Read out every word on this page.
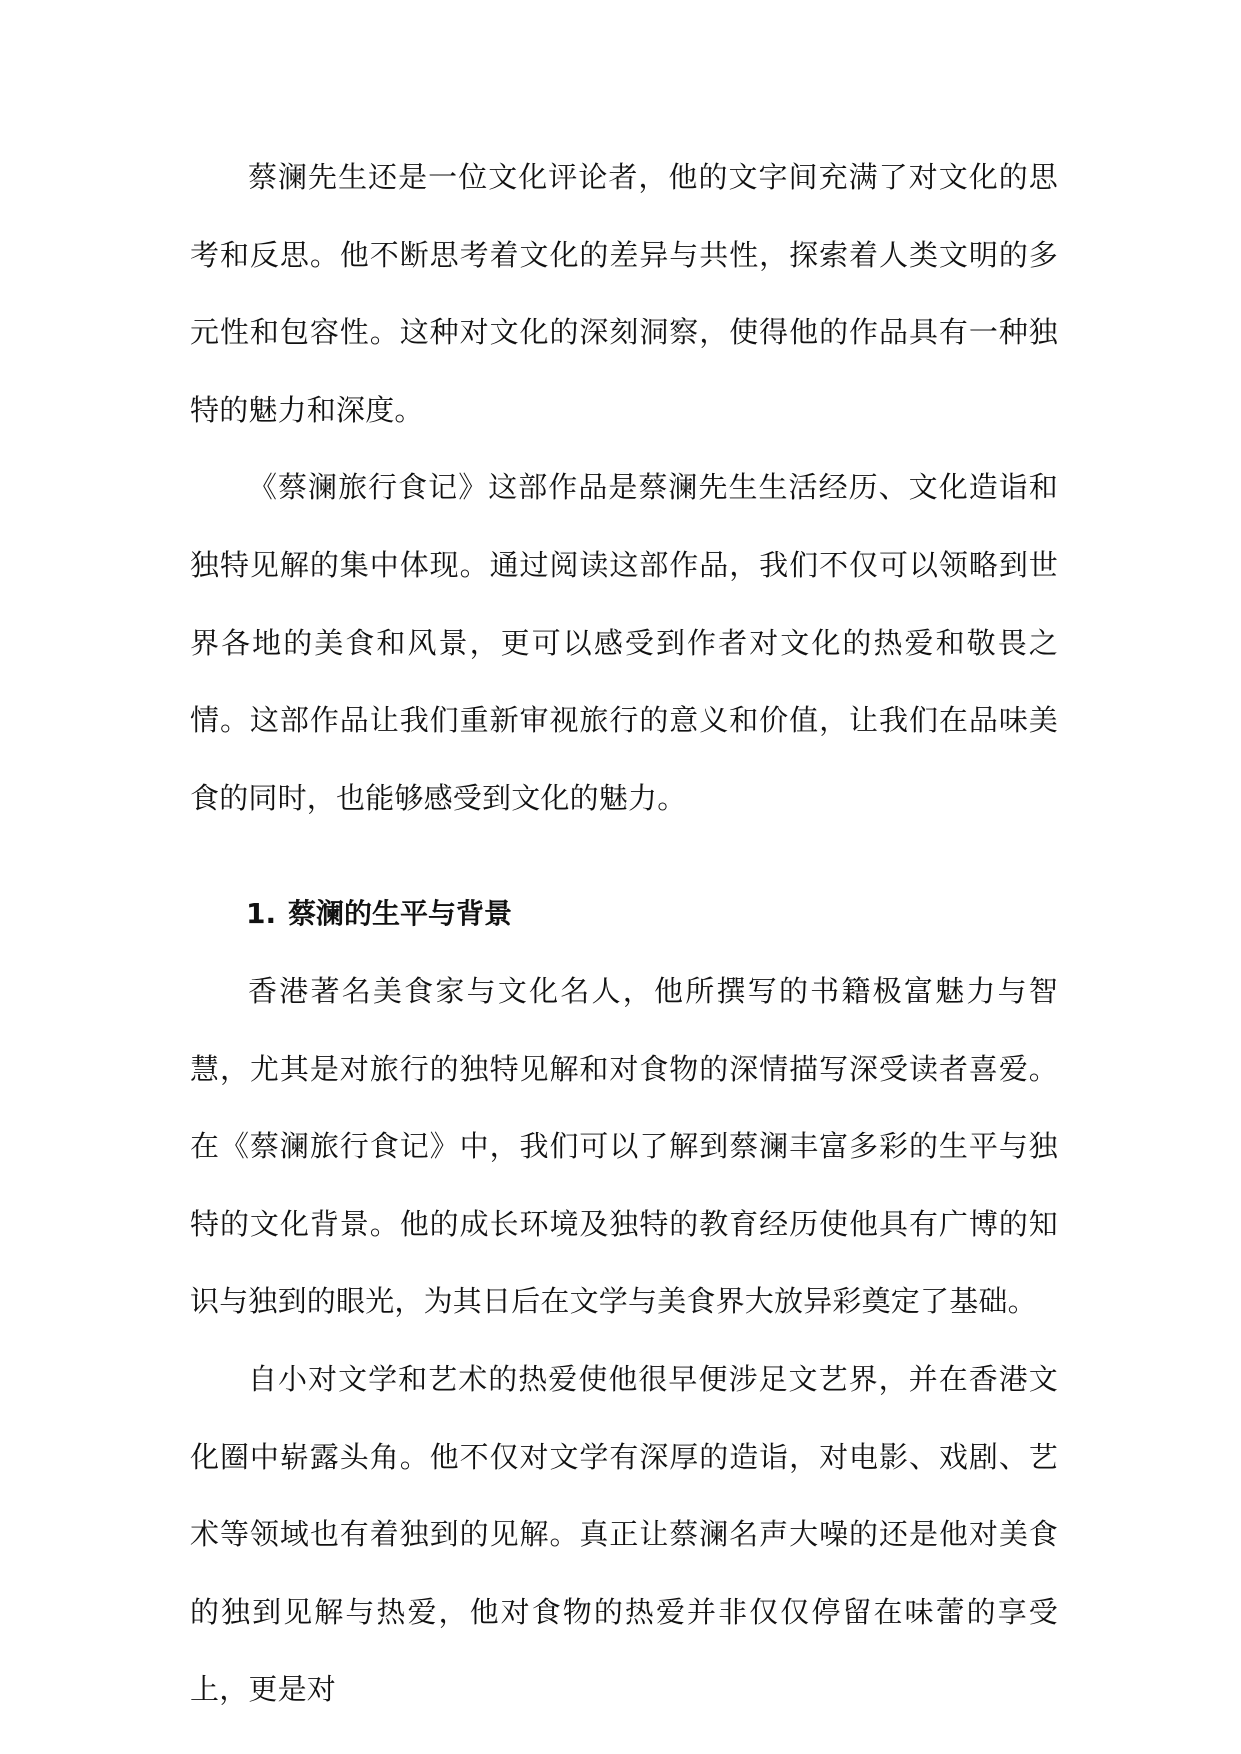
蔡澜先生还是一位文化评论者，他的文字间充满了对文化的思考和反思。他不断思考着文化的差异与共性，探索着人类文明的多元性和包容性。这种对文化的深刻洞察，使得他的作品具有一种独特的魅力和深度。

《蔡澜旅行食记》这部作品是蔡澜先生生活经历、文化造诣和独特见解的集中体现。通过阅读这部作品，我们不仅可以领略到世界各地的美食和风景，更可以感受到作者对文化的热爱和敬畏之情。这部作品让我们重新审视旅行的意义和价值，让我们在品味美食的同时，也能够感受到文化的魅力。

1. 蔡澜的生平与背景

香港著名美食家与文化名人，他所撰写的书籍极富魅力与智慧，尤其是对旅行的独特见解和对食物的深情描写深受读者喜爱。在《蔡澜旅行食记》中，我们可以了解到蔡澜丰富多彩的生平与独特的文化背景。他的成长环境及独特的教育经历使他具有广博的知识与独到的眼光，为其日后在文学与美食界大放异彩奠定了基础。

自小对文学和艺术的热爱使他很早便涉足文艺界，并在香港文化圈中崭露头角。他不仅对文学有深厚的造诣，对电影、戏剧、艺术等领域也有着独到的见解。真正让蔡澜名声大噪的还是他对美食的独到见解与热爱，他对食物的热爱并非仅仅停留在味蕾的享受上，更是对
